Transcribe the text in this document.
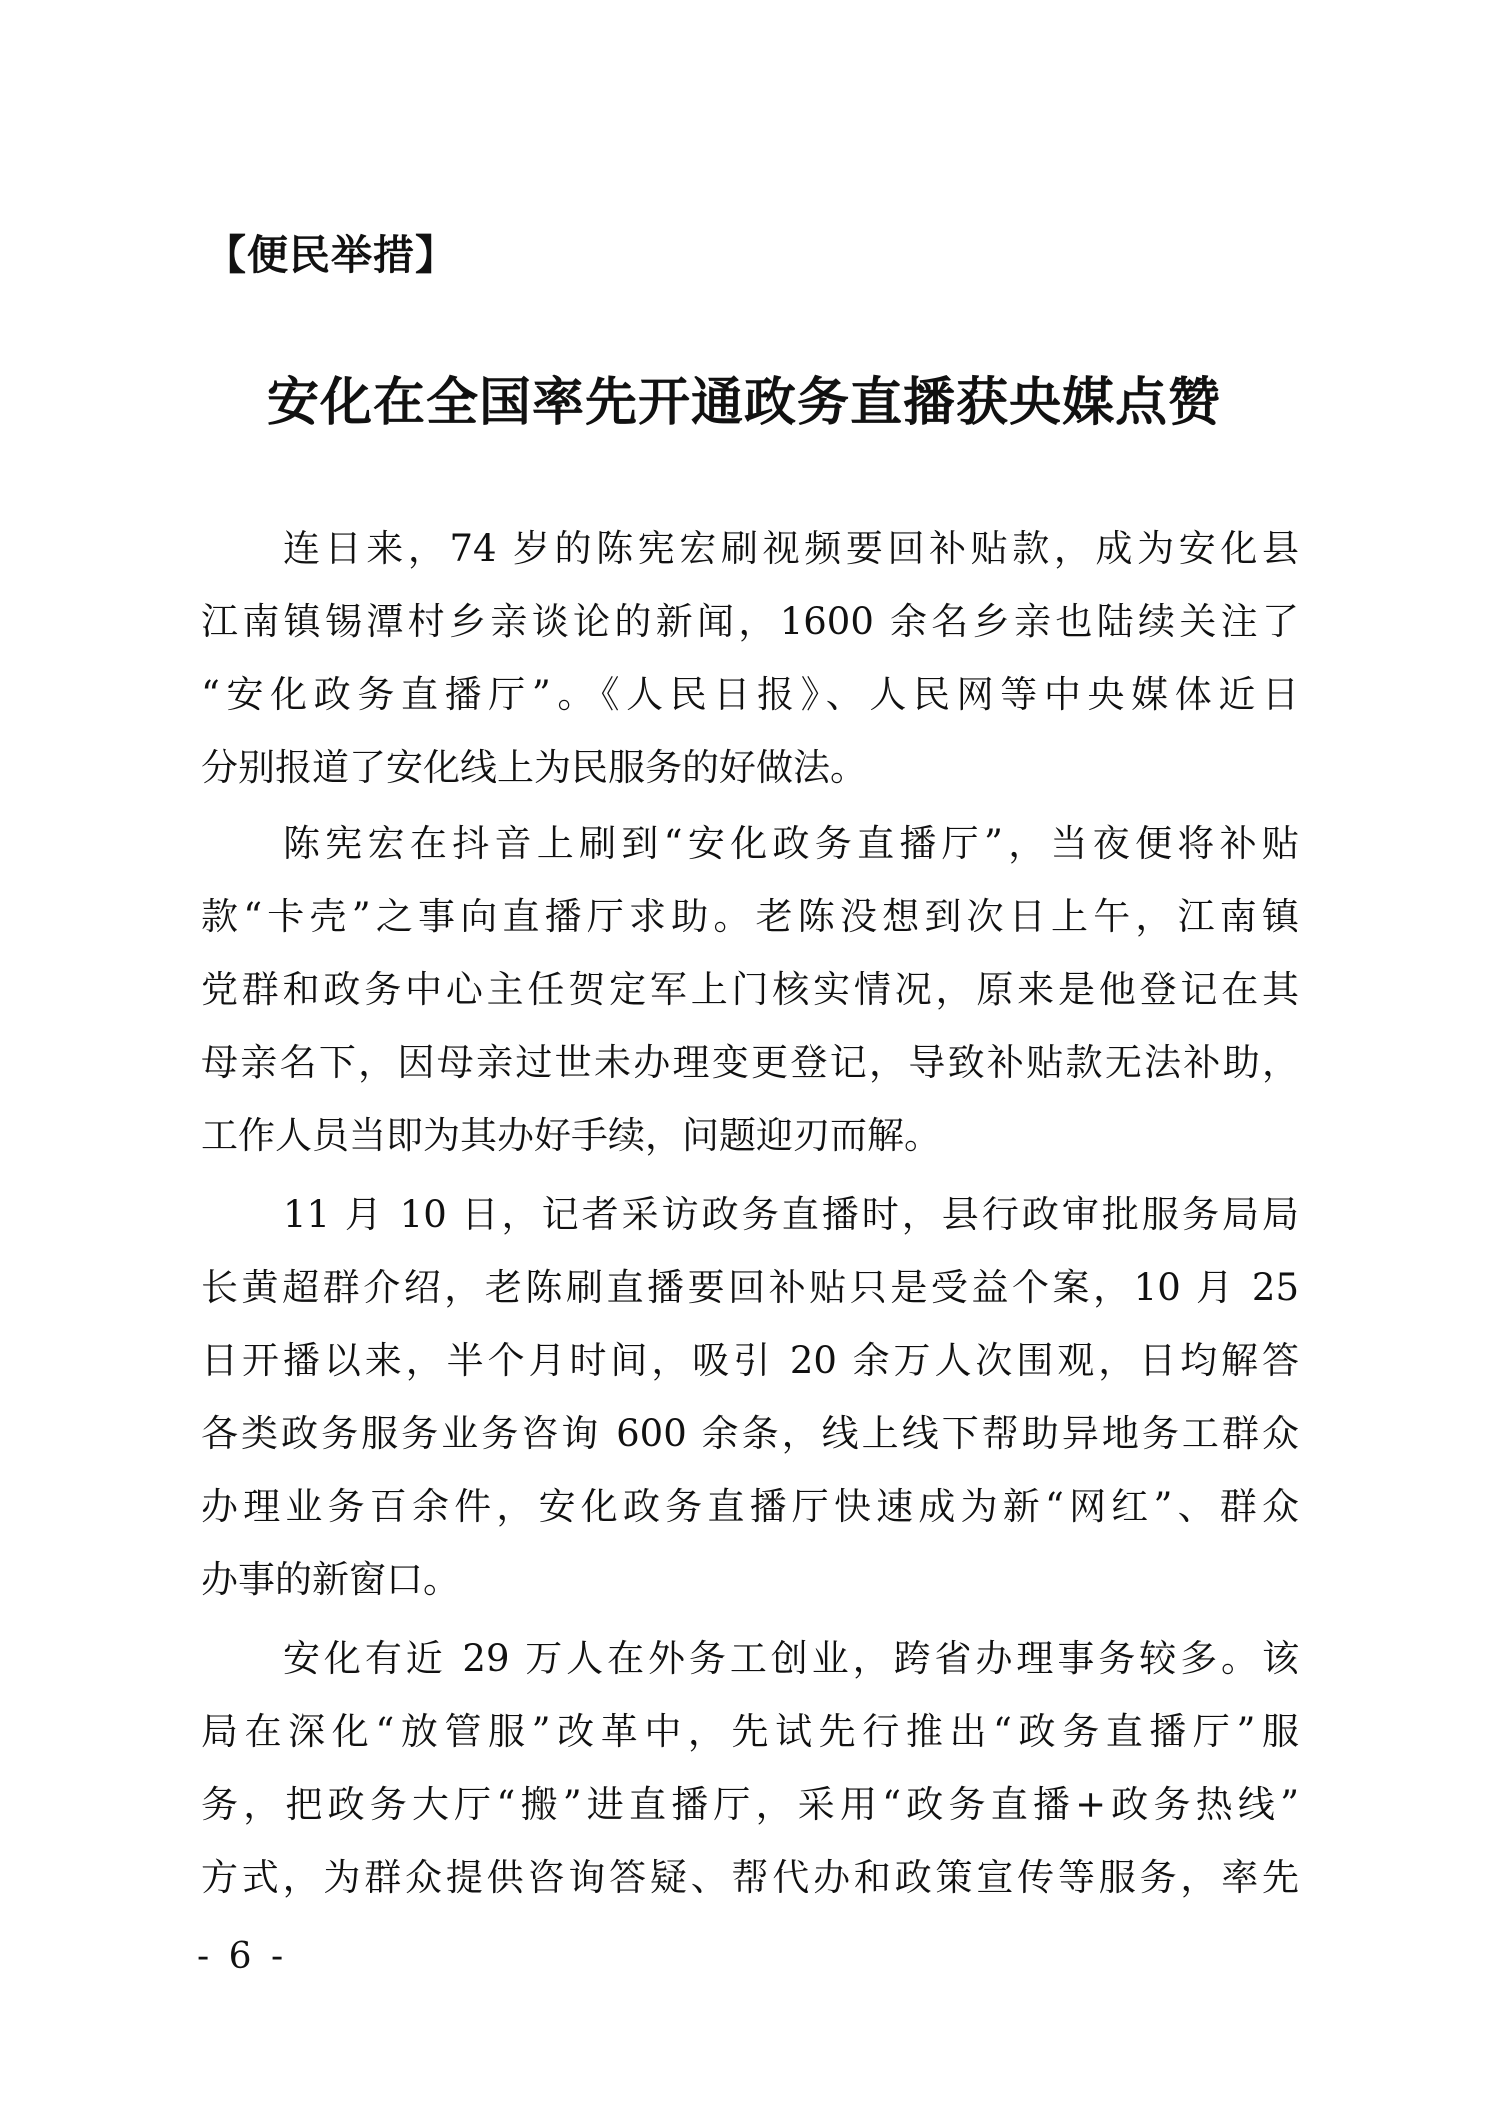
【便民举措】
安化在全国率先开通政务直播获央媒点赞
连日来，74 岁的陈宪宏刷视频要回补贴款，成为安化县
江南镇锡潭村乡亲谈论的新闻，1600 余名乡亲也陆续关注了
“安化政务直播厅”。《人民日报》、人民网等中央媒体近日
分别报道了安化线上为民服务的好做法。
陈宪宏在抖音上刷到“安化政务直播厅”，当夜便将补贴
款“卡壳”之事向直播厅求助。老陈没想到次日上午，江南镇
党群和政务中心主任贺定军上门核实情况，原来是他登记在其
母亲名下，因母亲过世未办理变更登记，导致补贴款无法补助，
工作人员当即为其办好手续，问题迎刃而解。
11 月 10 日，记者采访政务直播时，县行政审批服务局局
长黄超群介绍，老陈刷直播要回补贴只是受益个案，10 月 25
日开播以来，半个月时间，吸引 20 余万人次围观，日均解答
各类政务服务业务咨询 600 余条，线上线下帮助异地务工群众
办理业务百余件，安化政务直播厅快速成为新“网红”、群众
办事的新窗口。
安化有近 29 万人在外务工创业，跨省办理事务较多。该
局在深化“放管服”改革中，先试先行推出“政务直播厅”服
务，把政务大厅“搬”进直播厅，采用“政务直播+政务热线”
方式，为群众提供咨询答疑、帮代办和政策宣传等服务，率先
- 6 -
